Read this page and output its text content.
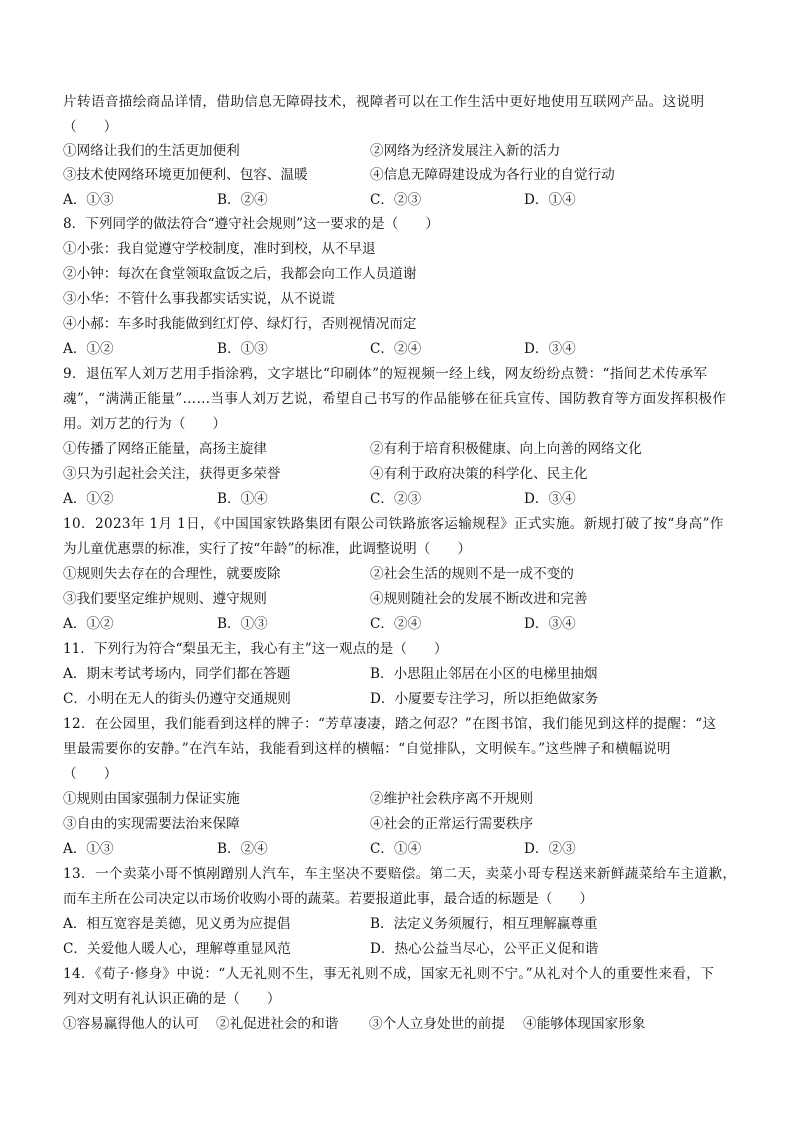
片转语音描绘商品详情，借助信息无障碍技术，视障者可以在工作生活中更好地使用互联网产品。这说明
（　　）
①网络让我们的生活更加便利	②网络为经济发展注入新的活力
③技术使网络环境更加便利、包容、温暖	④信息无障碍建设成为各行业的自觉行动
A．①③	B．②④	C．②③	D．①④
8．下列同学的做法符合“遵守社会规则”这一要求的是（　　）
①小张：我自觉遵守学校制度，准时到校，从不早退
②小钟：每次在食堂领取盒饭之后，我都会向工作人员道谢
③小华：不管什么事我都实话实说，从不说谎
④小郝：车多时我能做到红灯停、绿灯行，否则视情况而定
A．①②	B．①③	C．②④	D．③④
9．退伍军人刘万艺用手指涂鸦，文字堪比“印刷体”的短视频一经上线，网友纷纷点赞：“指间艺术传承军
魂”，“满满正能量”……当事人刘万艺说，希望自己书写的作品能够在征兵宣传、国防教育等方面发挥积极作
用。刘万艺的行为（　　）
①传播了网络正能量，高扬主旋律	②有利于培育积极健康、向上向善的网络文化
③只为引起社会关注，获得更多荣誉	④有利于政府决策的科学化、民主化
A．①②	B．①④	C．②③	D．③④
10．2023年 1月 1日，《中国国家铁路集团有限公司铁路旅客运输规程》正式实施。新规打破了按“身高”作
为儿童优惠票的标准，实行了按“年龄”的标准，此调整说明（　　）
①规则失去存在的合理性，就要废除	②社会生活的规则不是一成不变的
③我们要坚定维护规则、遵守规则	④规则随社会的发展不断改进和完善
A．①②	B．①③	C．②④	D．③④
11．下列行为符合“梨虽无主，我心有主”这一观点的是（　　）
A．期末考试考场内，同学们都在答题	B．小思阻止邻居在小区的电梯里抽烟
C．小明在无人的街头仍遵守交通规则	D．小厦要专注学习，所以拒绝做家务
12．在公园里，我们能看到这样的牌子：“芳草凄凄，踏之何忍？”在图书馆，我们能见到这样的提醒：“这
里最需要你的安静。”在汽车站，我能看到这样的横幅：“自觉排队，文明候车。”这些牌子和横幅说明
（　　）
①规则由国家强制力保证实施	②维护社会秩序离不开规则
③自由的实现需要法治来保障	④社会的正常运行需要秩序
A．①③	B．②④	C．①④	D．②③
13．一个卖菜小哥不慎剐蹭别人汽车，车主坚决不要赔偿。第二天，卖菜小哥专程送来新鲜蔬菜给车主道歉，
而车主所在公司决定以市场价收购小哥的蔬菜。若要报道此事，最合适的标题是（　　）
A．相互宽容是美德，见义勇为应提倡	B．法定义务须履行，相互理解赢尊重
C．关爱他人暖人心，理解尊重显风范	D．热心公益当尽心，公平正义促和谐
14．《荀子·修身》中说：“人无礼则不生，事无礼则不成，国家无礼则不宁。”从礼对个人的重要性来看，下
列对文明有礼认识正确的是（　　）
①容易赢得他人的认可 ②礼促进社会的和谐 ③个人立身处世的前提 ④能够体现国家形象
